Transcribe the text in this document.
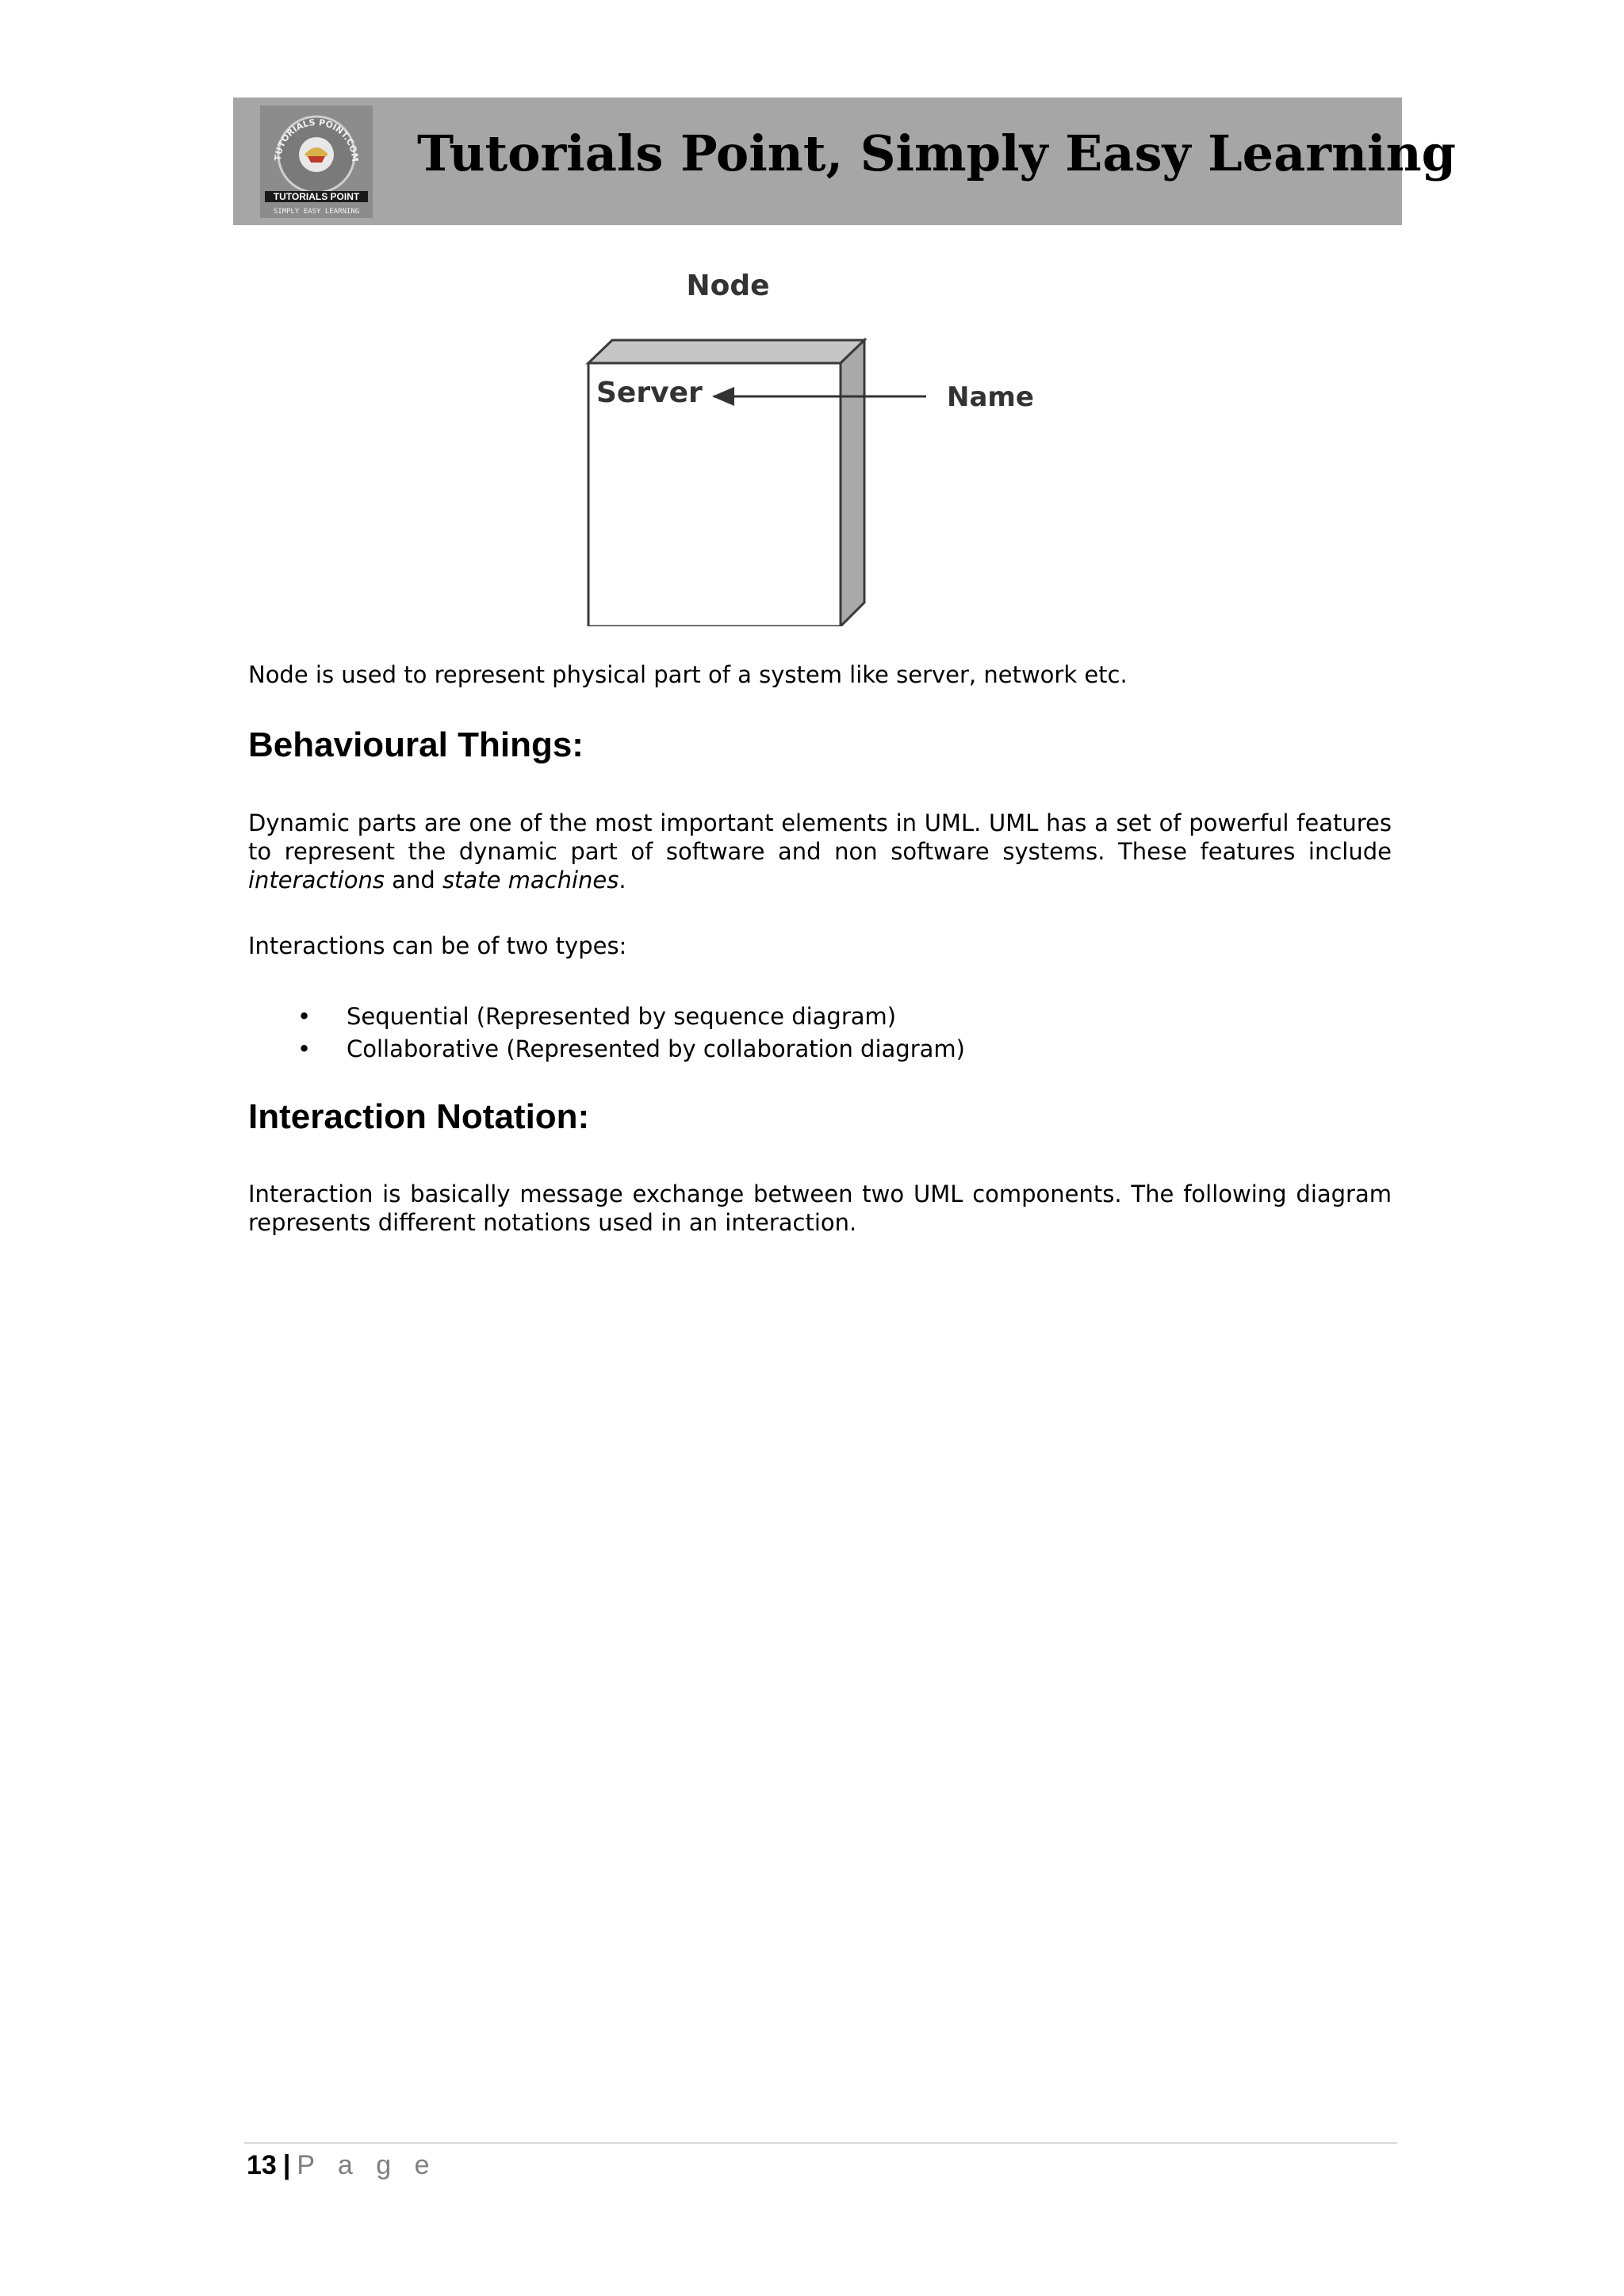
TUTORIALS POINT.COM
TUTORIALS POINT
SIMPLY EASY LEARNING
Tutorials Point, Simply Easy Learning
Node
Server	Name

Node is used to represent physical part of a system like server, network etc.

Behavioural Things:

Dynamic parts are one of the most important elements in UML. UML has a set of powerful features to represent the dynamic part of software and non software systems. These features include interactions and state machines.

Interactions can be of two types:

• Sequential (Represented by sequence diagram)
• Collaborative (Represented by collaboration diagram)
Interaction Notation:

Interaction is basically message exchange between two UML components. The following diagram represents different notations used in an interaction.

13 | P a g e
